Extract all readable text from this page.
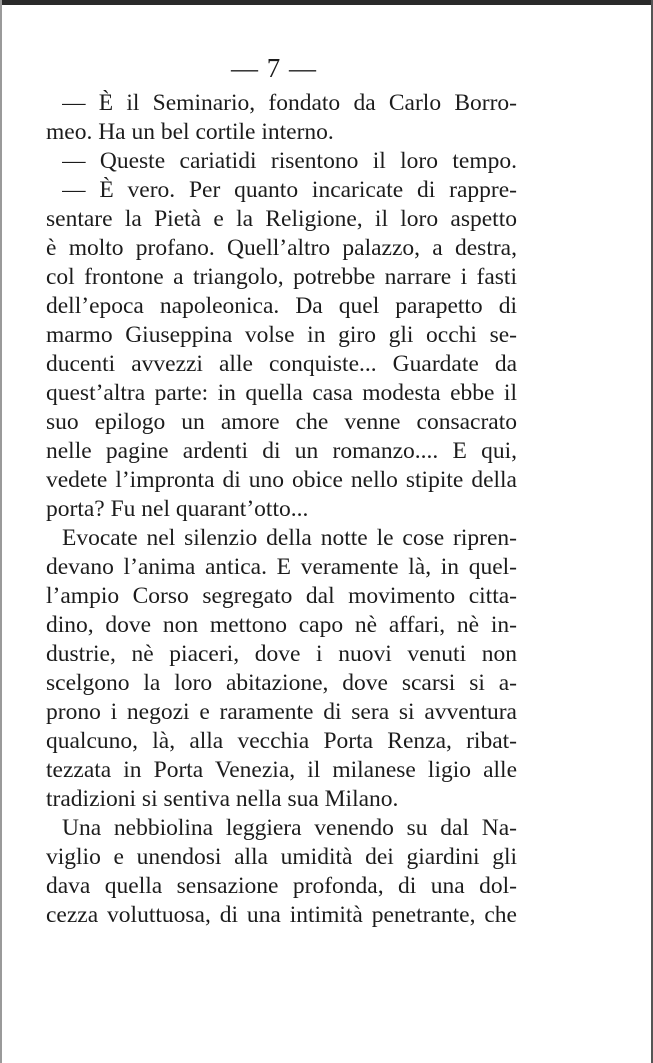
— 7 —
— È il Seminario, fondato da Carlo Borro-
meo. Ha un bel cortile interno.
— Queste cariatidi risentono il loro tempo.
— È vero. Per quanto incaricate di rappre-
sentare la Pietà e la Religione, il loro aspetto
è molto profano. Quell’altro palazzo, a destra,
col frontone a triangolo, potrebbe narrare i fasti
dell’epoca napoleonica. Da quel parapetto di
marmo Giuseppina volse in giro gli occhi se-
ducenti avvezzi alle conquiste... Guardate da
quest’altra parte: in quella casa modesta ebbe il
suo epilogo un amore che venne consacrato
nelle pagine ardenti di un romanzo.... E qui,
vedete l’impronta di uno obice nello stipite della
porta? Fu nel quarant’otto...
Evocate nel silenzio della notte le cose ripren-
devano l’anima antica. E veramente là, in quel-
l’ampio Corso segregato dal movimento citta-
dino, dove non mettono capo nè affari, nè in-
dustrie, nè piaceri, dove i nuovi venuti non
scelgono la loro abitazione, dove scarsi si a-
prono i negozi e raramente di sera si avventura
qualcuno, là, alla vecchia Porta Renza, ribat-
tezzata in Porta Venezia, il milanese ligio alle
tradizioni si sentiva nella sua Milano.
Una nebbiolina leggiera venendo su dal Na-
viglio e unendosi alla umidità dei giardini gli
dava quella sensazione profonda, di una dol-
cezza voluttuosa, di una intimità penetrante, che
